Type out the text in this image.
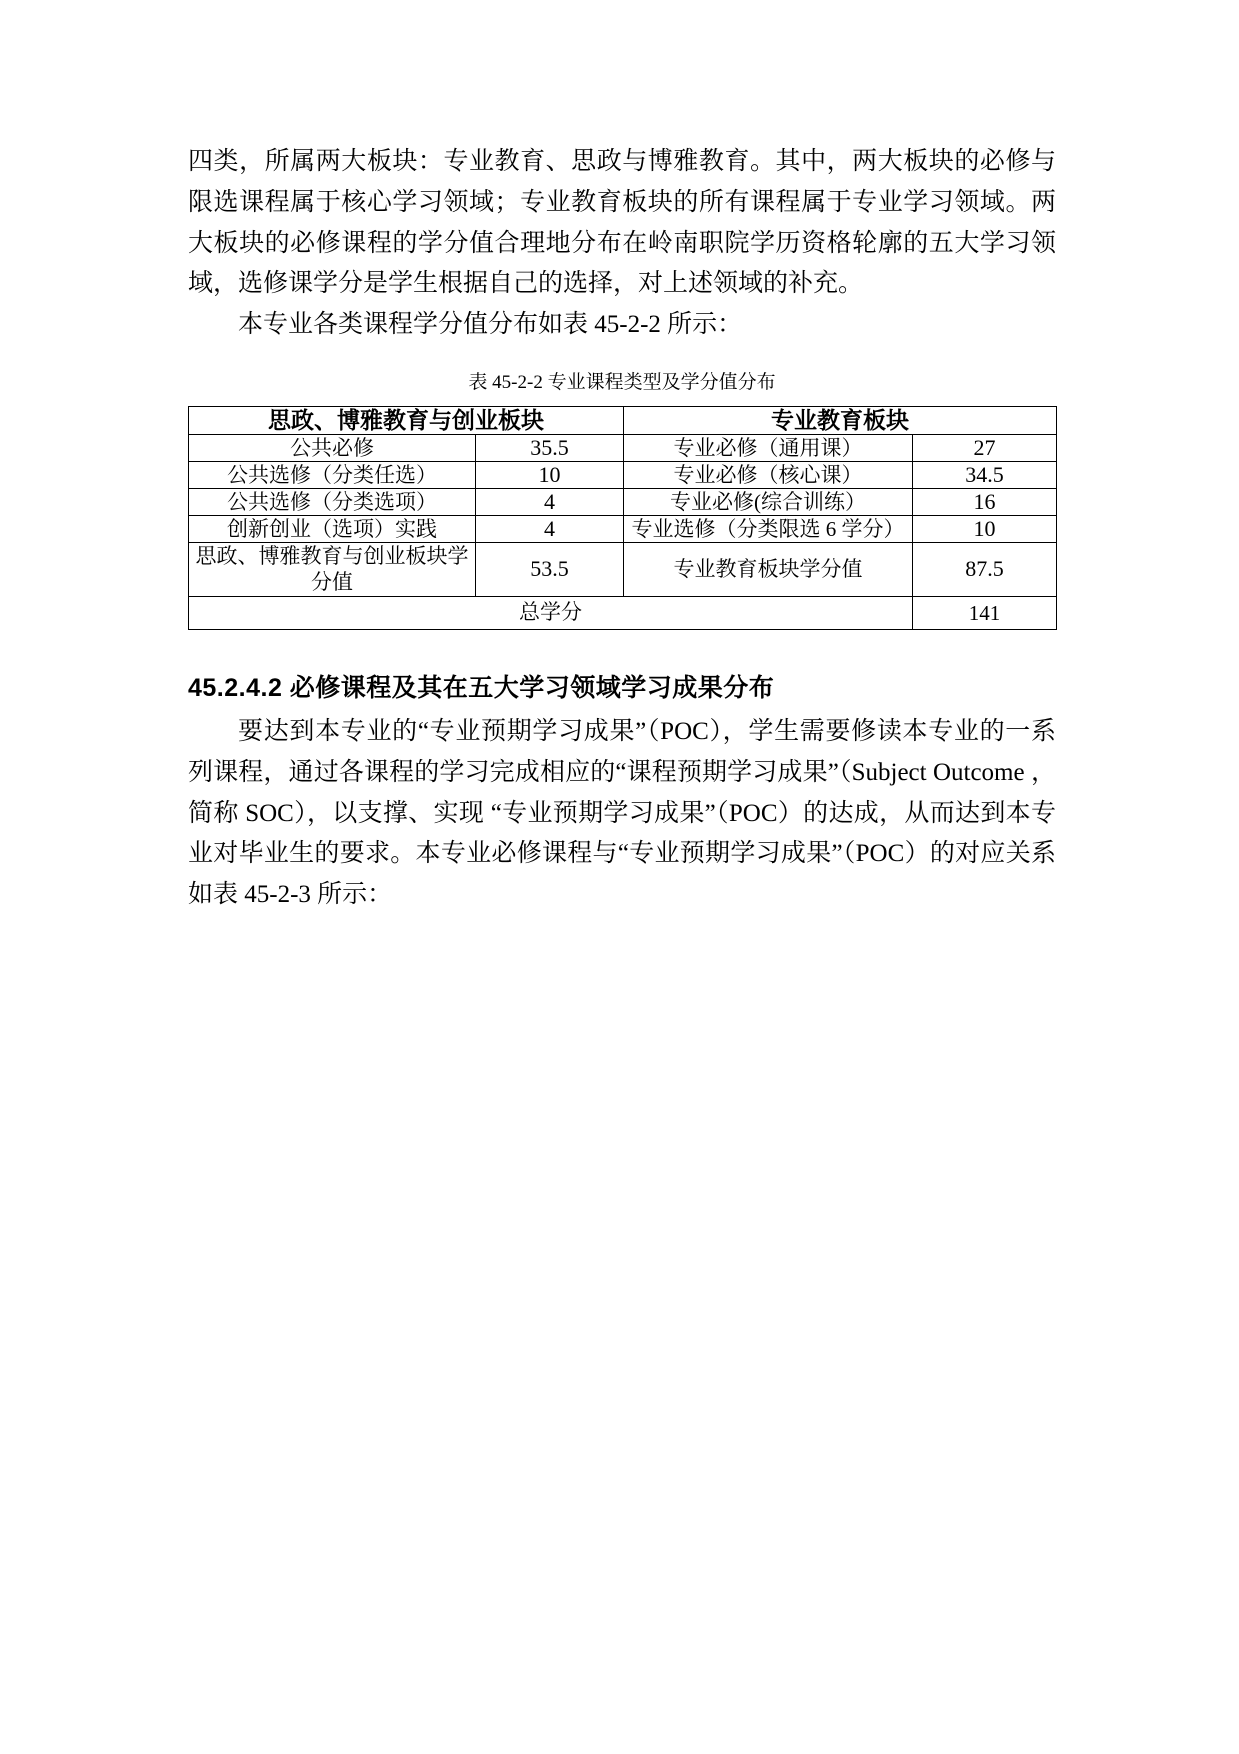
四类，所属两大板块：专业教育、思政与博雅教育。其中，两大板块的必修与限选课程属于核心学习领域；专业教育板块的所有课程属于专业学习领域。两大板块的必修课程的学分值合理地分布在岭南职院学历资格轮廓的五大学习领域，选修课学分是学生根据自己的选择，对上述领域的补充。

本专业各类课程学分值分布如表 45-2-2 所示：

表 45-2-2 专业课程类型及学分值分布
思政、博雅教育与创业板块		专业教育板块	
公共必修	35.5	专业必修（通用课）	27
公共选修（分类任选）	10	专业必修（核心课）	34.5
公共选修（分类选项）	4	专业必修(综合训练）	16
创新创业（选项）实践	4	专业选修（分类限选 6 学分）	10
思政、博雅教育与创业板块学分值	53.5	专业教育板块学分值	87.5
总学分			141
45.2.4.2 必修课程及其在五大学习领域学习成果分布

要达到本专业的“专业预期学习成果”（POC），学生需要修读本专业的一系列课程，通过各课程的学习完成相应的“课程预期学习成果”（Subject Outcome ，简称 SOC），以支撑、实现 “专业预期学习成果”（POC）的达成，从而达到本专业对毕业生的要求。本专业必修课程与“专业预期学习成果”（POC）的对应关系如表 45-2-3 所示：
